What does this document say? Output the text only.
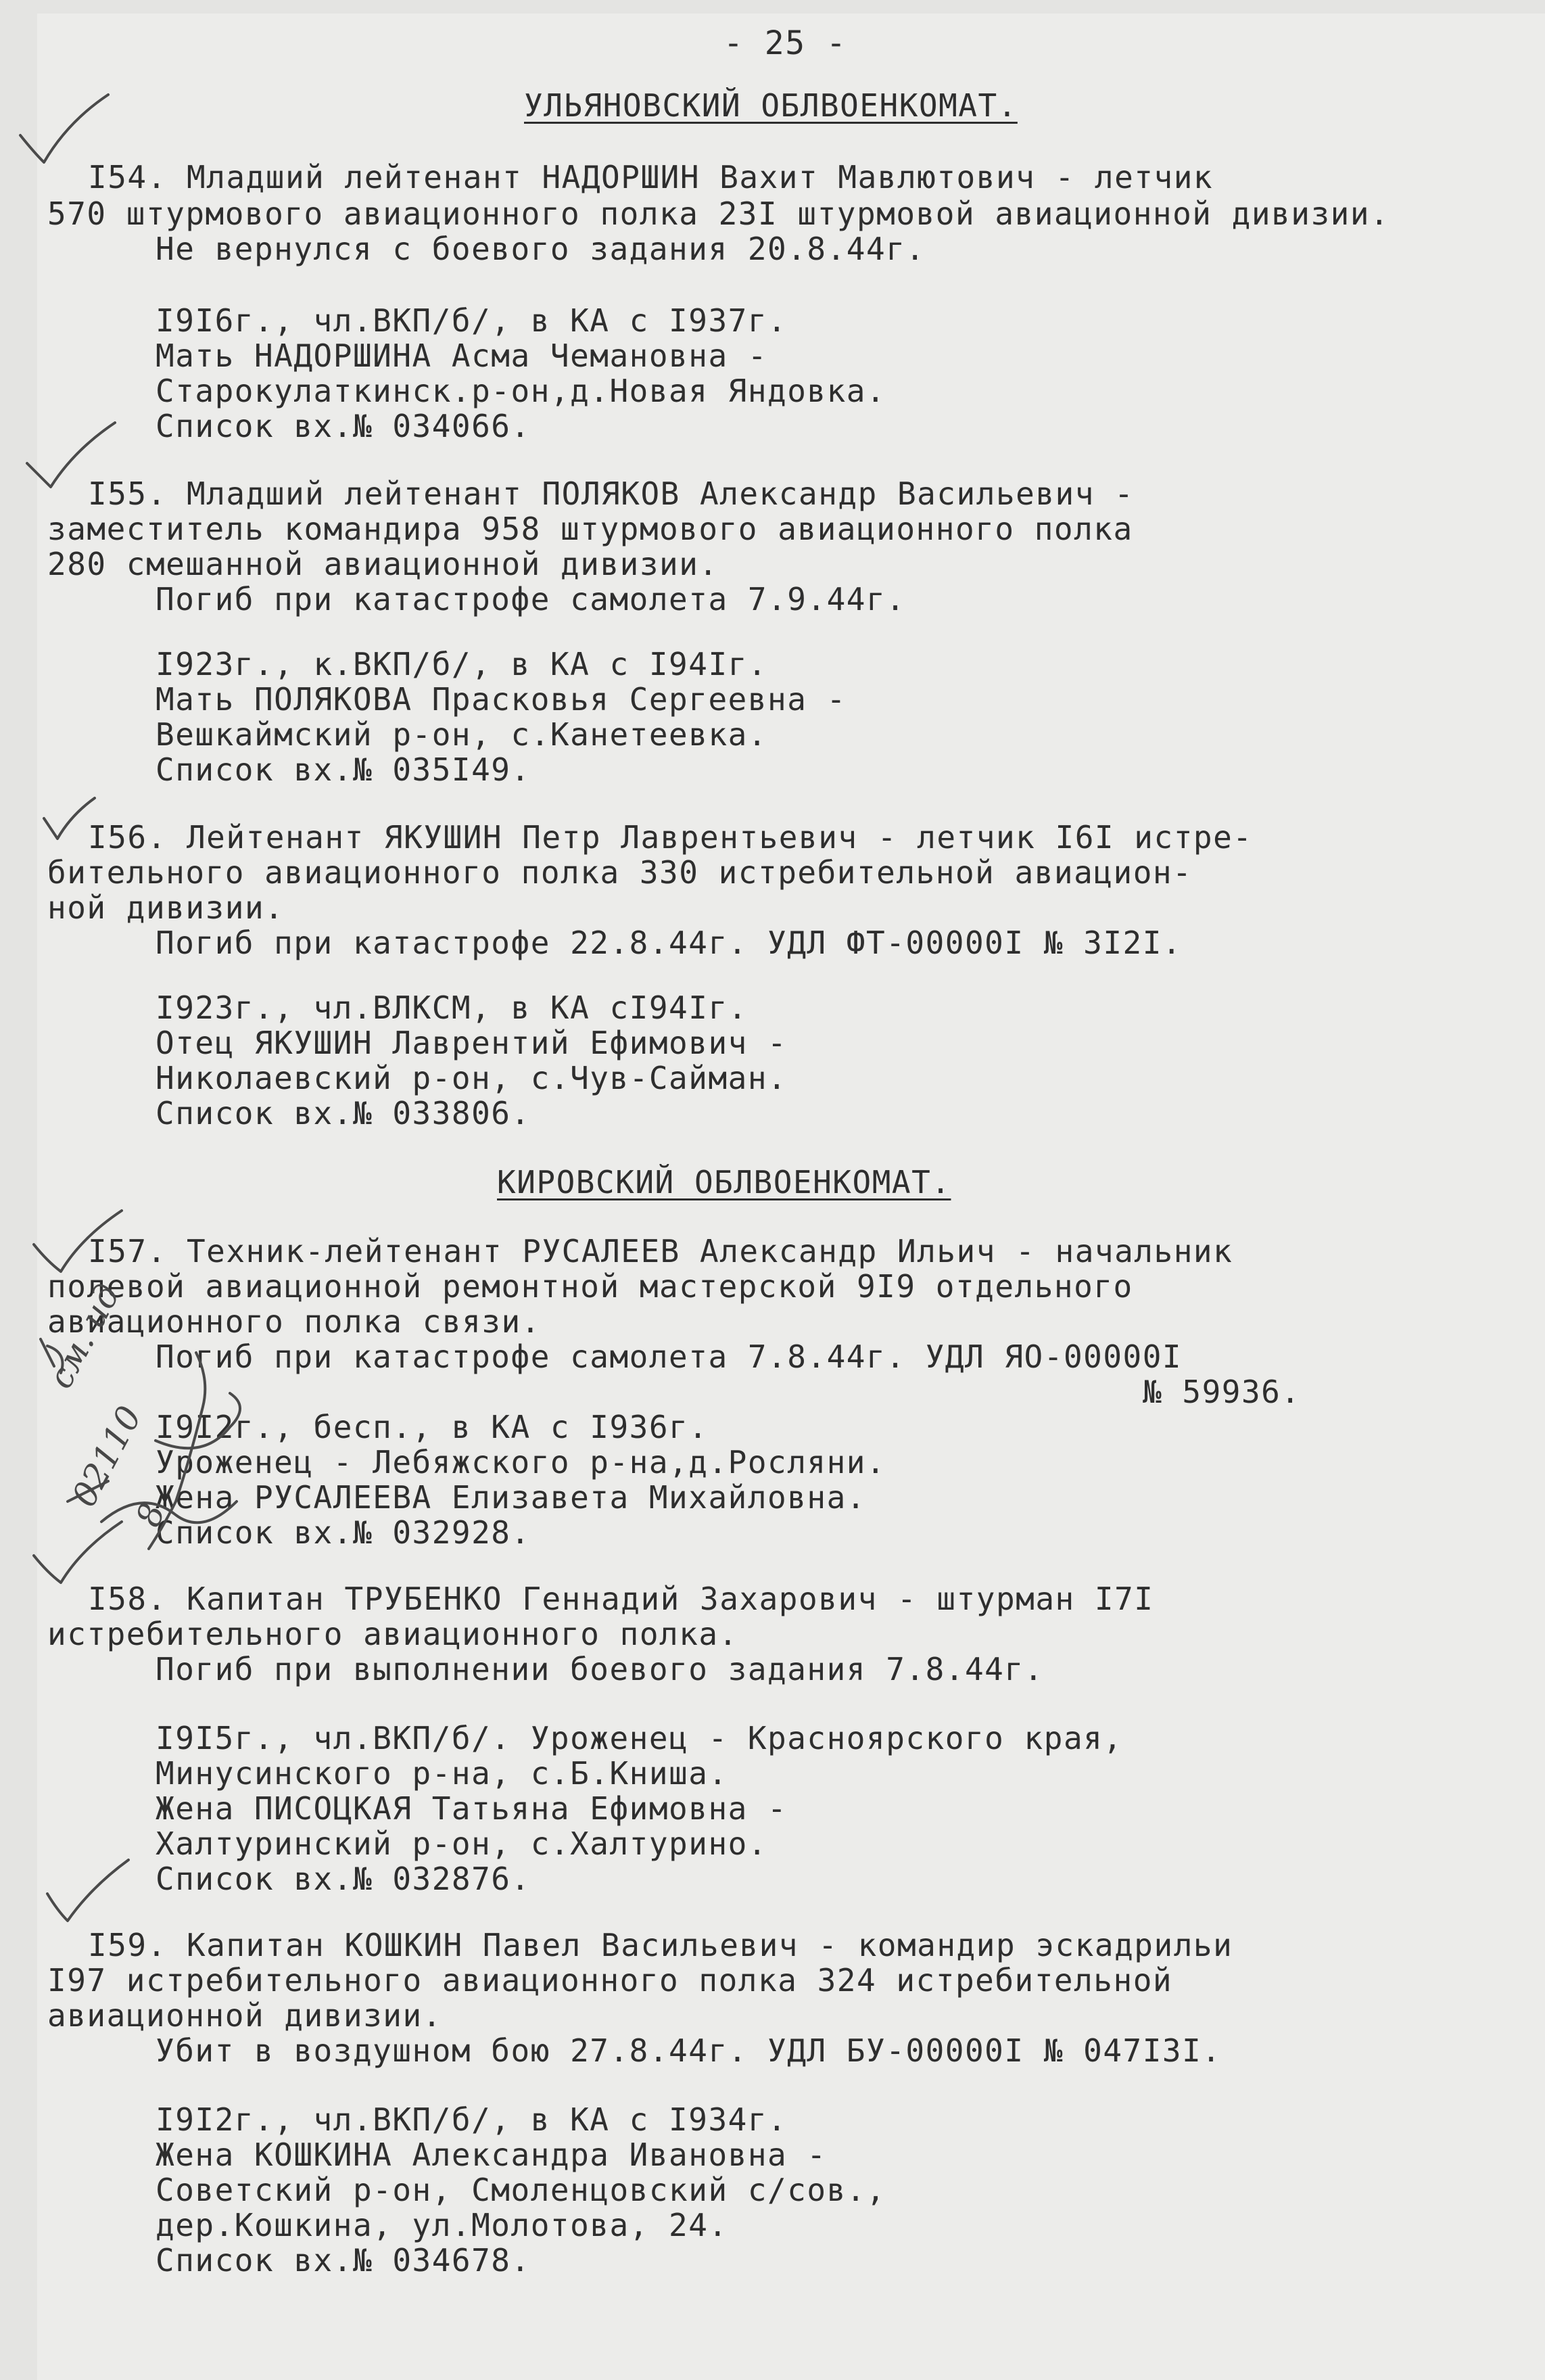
- 25 -
УЛЬЯНОВСКИЙ ОБЛВОЕНКОМАТ.
I54. Младший лейтенант НАДОРШИН Вахит Мавлютович - летчик
570 штурмового авиационного полка 23I штурмовой авиационной дивизии.
Не вернулся с боевого задания 20.8.44г.
I9I6г., чл.ВКП/б/, в КА с I937г.
Мать НАДОРШИНА Асма Чемановна -
Старокулаткинск.р-он,д.Новая Яндовка.
Список вх.№ 034066.
I55. Младший лейтенант ПОЛЯКОВ Александр Васильевич -
заместитель командира 958 штурмового авиационного полка
280 смешанной авиационной дивизии.
Погиб при катастрофе самолета 7.9.44г.
I923г., к.ВКП/б/, в КА с I94Iг.
Мать ПОЛЯКОВА Прасковья Сергеевна -
Вешкаймский р-он, с.Канетеевка.
Список вх.№ 035I49.
I56. Лейтенант ЯКУШИН Петр Лаврентьевич - летчик I6I истре-
бительного авиационного полка 330 истребительной авиацион-
ной дивизии.
Погиб при катастрофе 22.8.44г. УДЛ ФТ-00000I № 3I2I.
I923г., чл.ВЛКСМ, в КА сI94Iг.
Отец ЯКУШИН Лаврентий Ефимович -
Николаевский р-он, с.Чув-Сайман.
Список вх.№ 033806.
КИРОВСКИЙ ОБЛВОЕНКОМАТ.
I57. Техник-лейтенант РУСАЛЕЕВ Александр Ильич - начальник
полевой авиационной ремонтной мастерской 9I9 отдельного
авиационного полка связи.
Погиб при катастрофе самолета 7.8.44г. УДЛ ЯО-00000I
№ 59936.
I9I2г., бесп., в КА с I936г.
Уроженец - Лебяжского р-на,д.Росляни.
Жена РУСАЛЕЕВА Елизавета Михайловна.
Список вх.№ 032928.
I58. Капитан ТРУБЕНКО Геннадий Захарович - штурман I7I
истребительного авиационного полка.
Погиб при выполнении боевого задания 7.8.44г.
I9I5г., чл.ВКП/б/. Уроженец - Красноярского края,
Минусинского р-на, с.Б.Книша.
Жена ПИСОЦКАЯ Татьяна Ефимовна -
Халтуринский р-он, с.Халтурино.
Список вх.№ 032876.
I59. Капитан КОШКИН Павел Васильевич - командир эскадрильи
I97 истребительного авиационного полка 324 истребительной
авиационной дивизии.
Убит в воздушном бою 27.8.44г. УДЛ БУ-00000I № 047I3I.
I9I2г., чл.ВКП/б/, в КА с I934г.
Жена КОШКИНА Александра Ивановна -
Советский р-он, Смоленцовский с/сов.,
дер.Кошкина, ул.Молотова, 24.
Список вх.№ 034678.
см. ид
02110
8
